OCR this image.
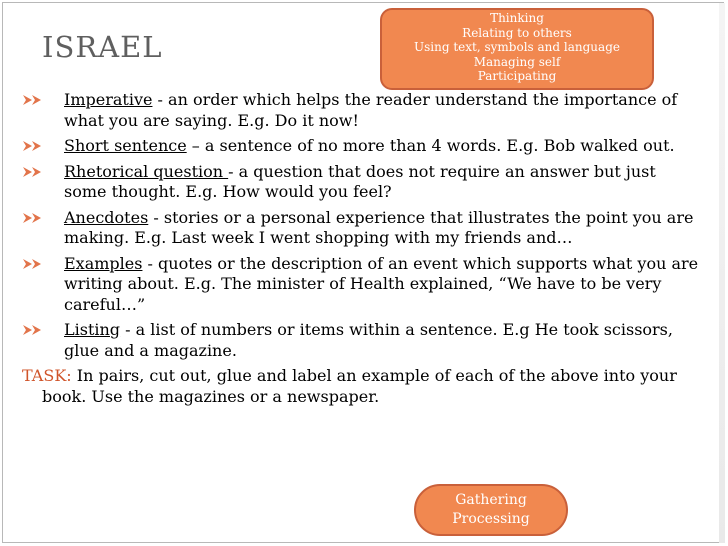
ISRAEL
Imperative - an order which helps the reader understand the importance of what you are saying. E.g. Do it now!
Short sentence – a sentence of no more than 4 words. E.g. Bob walked out.
Rhetorical question - a question that does not require an answer but just some thought. E.g. How would you feel?
Anecdotes - stories or a personal experience that illustrates the point you are making. E.g. Last week I went shopping with my friends and…
Examples - quotes or the description of an event which supports what you are writing about. E.g. The minister of Health explained, “We have to be very careful…”
Listing - a list of numbers or items within a sentence. E.g He took scissors, glue and a magazine.
TASK: In pairs, cut out, glue and label an example of each of the above into your book. Use the magazines or a newspaper.
Thinking
Relating to others
Using text, symbols and language
Managing self
Participating
Gathering
Processing
